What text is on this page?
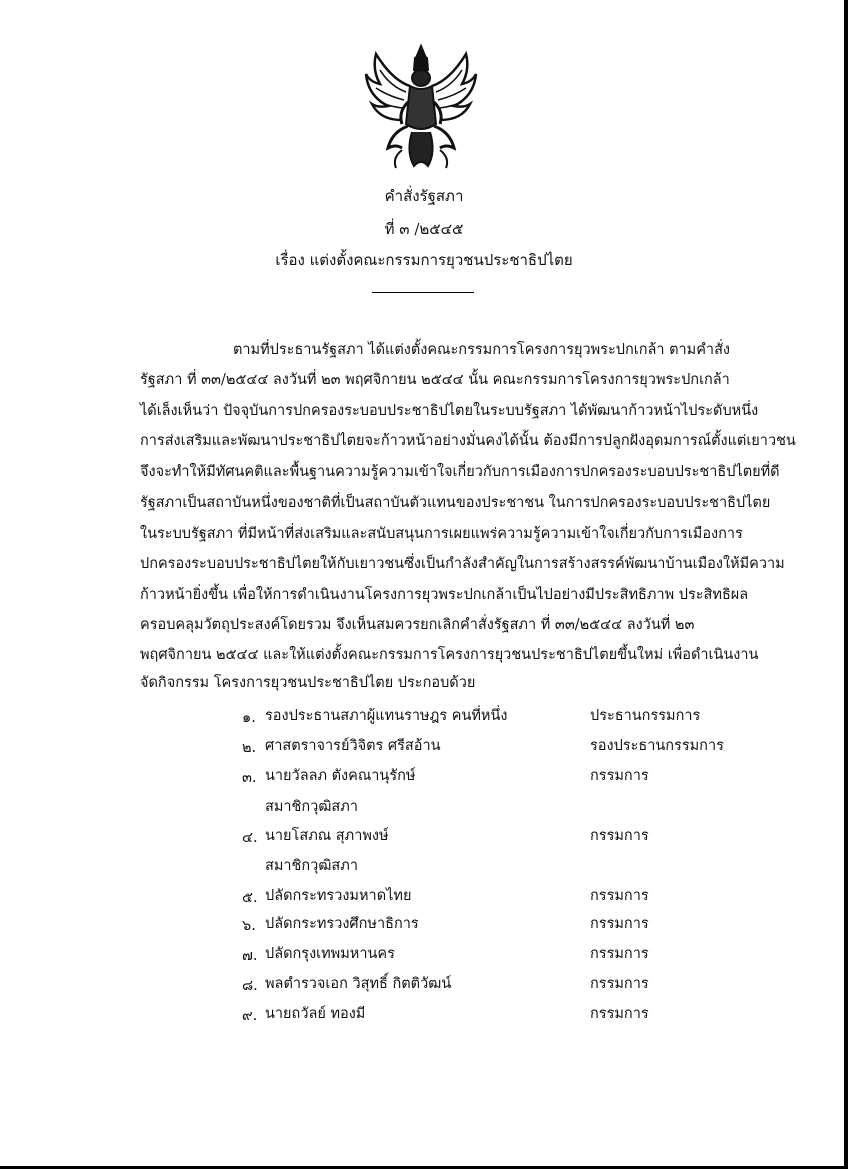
คำสั่งรัฐสภา
ที่ ๓ /๒๕๔๕
เรื่อง แต่งตั้งคณะกรรมการยุวชนประชาธิปไตย
ตามที่ประธานรัฐสภา ได้แต่งตั้งคณะกรรมการโครงการยุวพระปกเกล้า ตามคำสั่ง
รัฐสภา ที่ ๓๓/๒๕๔๔ ลงวันที่ ๒๓ พฤศจิกายน ๒๕๔๔ นั้น คณะกรรมการโครงการยุวพระปกเกล้า
ได้เล็งเห็นว่า ปัจจุบันการปกครองระบอบประชาธิปไตยในระบบรัฐสภา ได้พัฒนาก้าวหน้าไประดับหนึ่ง
การส่งเสริมและพัฒนาประชาธิปไตยจะก้าวหน้าอย่างมั่นคงได้นั้น ต้องมีการปลูกฝังอุดมการณ์ตั้งแต่เยาวชน
จึงจะทำให้มีทัศนคติและพื้นฐานความรู้ความเข้าใจเกี่ยวกับการเมืองการปกครองระบอบประชาธิปไตยที่ดี
รัฐสภาเป็นสถาบันหนึ่งของชาติที่เป็นสถาบันตัวแทนของประชาชน ในการปกครองระบอบประชาธิปไตย
ในระบบรัฐสภา ที่มีหน้าที่ส่งเสริมและสนับสนุนการเผยแพร่ความรู้ความเข้าใจเกี่ยวกับการเมืองการ
ปกครองระบอบประชาธิปไตยให้กับเยาวชนซึ่งเป็นกำลังสำคัญในการสร้างสรรค์พัฒนาบ้านเมืองให้มีความ
ก้าวหน้ายิ่งขึ้น เพื่อให้การดำเนินงานโครงการยุวพระปกเกล้าเป็นไปอย่างมีประสิทธิภาพ ประสิทธิผล
ครอบคลุมวัตถุประสงค์โดยรวม จึงเห็นสมควรยกเลิกคำสั่งรัฐสภา ที่ ๓๓/๒๕๔๔ ลงวันที่ ๒๓
พฤศจิกายน ๒๕๔๔ และให้แต่งตั้งคณะกรรมการโครงการยุวชนประชาธิปไตยขึ้นใหม่ เพื่อดำเนินงาน
จัดกิจกรรม โครงการยุวชนประชาธิปไตย ประกอบด้วย
๑. รองประธานสภาผู้แทนราษฎร คนที่หนึ่ง	ประธานกรรมการ
๒. ศาสตราจารย์วิจิตร ศรีสอ้าน	รองประธานกรรมการ
๓. นายวัลลภ ตังคณานุรักษ์	กรรมการ
สมาชิกวุฒิสภา
๔. นายโสภณ สุภาพงษ์	กรรมการ
สมาชิกวุฒิสภา
๕. ปลัดกระทรวงมหาดไทย	กรรมการ
๖. ปลัดกระทรวงศึกษาธิการ	กรรมการ
๗. ปลัดกรุงเทพมหานคร	กรรมการ
๘. พลตำรวจเอก วิสุทธิ์ กิตติวัฒน์	กรรมการ
๙. นายถวัลย์ ทองมี	กรรมการ
